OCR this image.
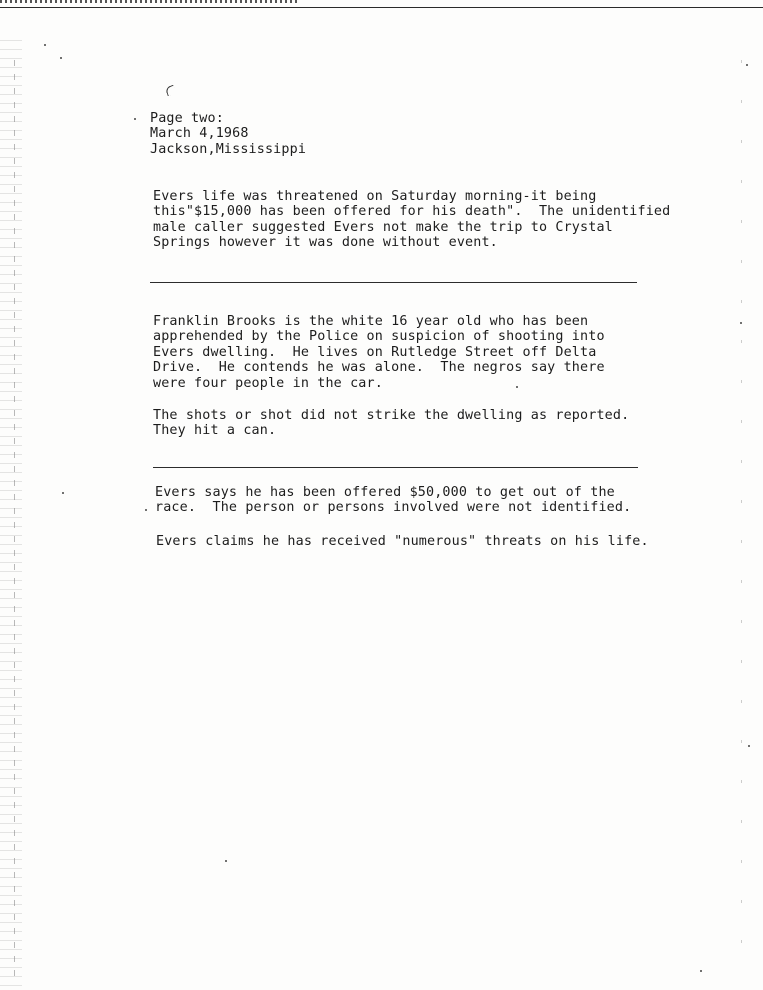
Page two:
March 4,1968
Jackson,Mississippi

Evers life was threatened on Saturday morning-it being
this"$15,000 has been offered for his death".  The unidentified
male caller suggested Evers not make the trip to Crystal
Springs however it was done without event.

Franklin Brooks is the white 16 year old who has been
apprehended by the Police on suspicion of shooting into
Evers dwelling.  He lives on Rutledge Street off Delta
Drive.  He contends he was alone.  The negros say there
were four people in the car.

The shots or shot did not strike the dwelling as reported.
They hit a can.

Evers says he has been offered $50,000 to get out of the
race.  The person or persons involved were not identified.

Evers claims he has received "numerous" threats on his life.
